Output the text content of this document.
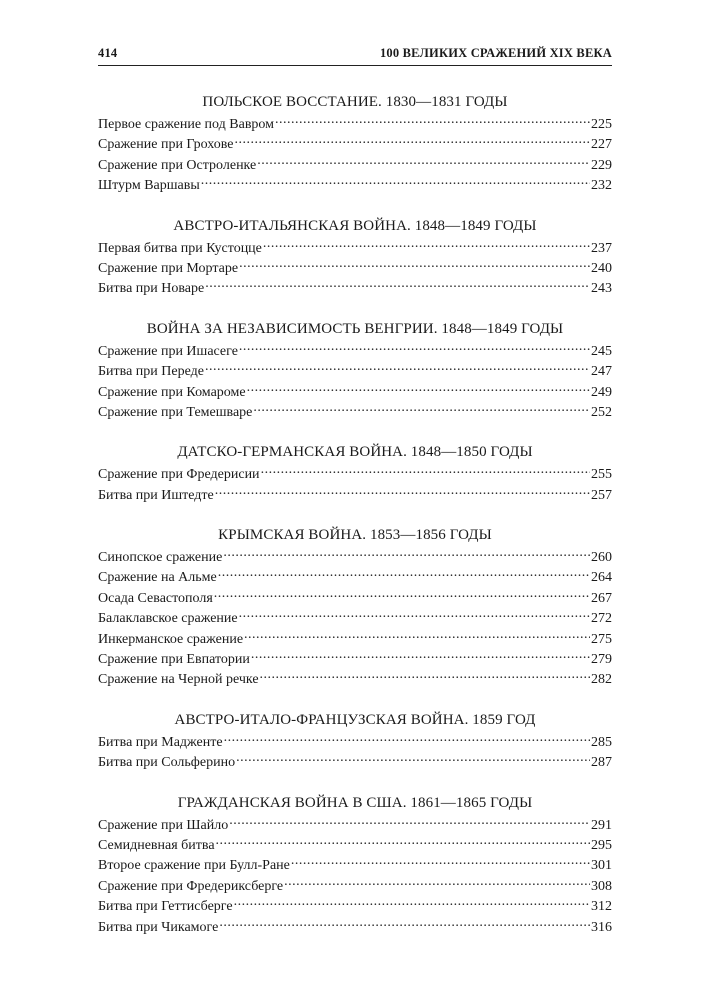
414	100 ВЕЛИКИХ СРАЖЕНИЙ XIX ВЕКА
ПОЛЬСКОЕ ВОССТАНИЕ. 1830—1831 ГОДЫ
Первое сражение под Вавром .....	225
Сражение при Грохове .....	227
Сражение при Остроленке .....	229
Штурм Варшавы .....	232
АВСТРО-ИТАЛЬЯНСКАЯ ВОЙНА. 1848—1849 ГОДЫ
Первая битва при Кустоцце .....	237
Сражение при Мортаре .....	240
Битва при Новаре .....	243
ВОЙНА ЗА НЕЗАВИСИМОСТЬ ВЕНГРИИ. 1848—1849 ГОДЫ
Сражение при Ишасеге .....	245
Битва при Переде .....	247
Сражение при Комароме .....	249
Сражение при Темешваре .....	252
ДАТСКО-ГЕРМАНСКАЯ ВОЙНА. 1848—1850 ГОДЫ
Сражение при Фредерисии .....	255
Битва при Иштедте .....	257
КРЫМСКАЯ ВОЙНА. 1853—1856 ГОДЫ
Синопское сражение .....	260
Сражение на Альме .....	264
Осада Севастополя .....	267
Балаклавское сражение .....	272
Инкерманское сражение .....	275
Сражение при Евпатории .....	279
Сражение на Черной речке .....	282
АВСТРО-ИТАЛО-ФРАНЦУЗСКАЯ ВОЙНА. 1859 ГОД
Битва при Мадженте .....	285
Битва при Сольферино .....	287
ГРАЖДАНСКАЯ ВОЙНА В США. 1861—1865 ГОДЫ
Сражение при Шайло .....	291
Семидневная битва .....	295
Второе сражение при Булл-Ране .....	301
Сражение при Фредериксберге .....	308
Битва при Геттисберге .....	312
Битва при Чикамоге .....	316
